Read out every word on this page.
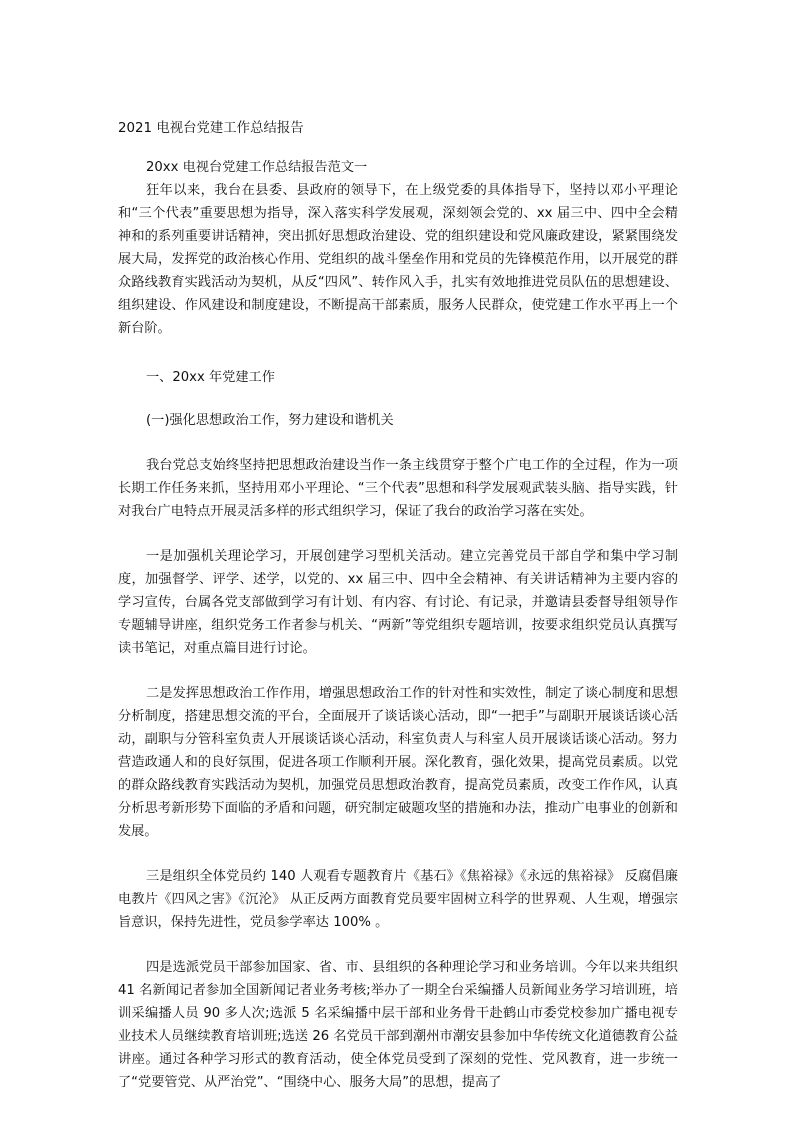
2021 电视台党建工作总结报告
20xx 电视台党建工作总结报告范文一

狂年以来，我台在县委、县政府的领导下，在上级党委的具体指导下，坚持以邓小平理论和“三个代表”重要思想为指导，深入落实科学发展观，深刻领会党的、xx 届三中、四中全会精神和的系列重要讲话精神，突出抓好思想政治建设、党的组织建设和党风廉政建设，紧紧围绕发展大局，发挥党的政治核心作用、党组织的战斗堡垒作用和党员的先锋模范作用，以开展党的群众路线教育实践活动为契机，从反“四风”、转作风入手，扎实有效地推进党员队伍的思想建设、组织建设、作风建设和制度建设，不断提高干部素质，服务人民群众，使党建工作水平再上一个新台阶。

一、20xx 年党建工作
(一)强化思想政治工作，努力建设和谐机关

我台党总支始终坚持把思想政治建设当作一条主线贯穿于整个广电工作的全过程，作为一项长期工作任务来抓，坚持用邓小平理论、“三个代表”思想和科学发展观武装头脑、指导实践，针对我台广电特点开展灵活多样的形式组织学习，保证了我台的政治学习落在实处。

一是加强机关理论学习，开展创建学习型机关活动。建立完善党员干部自学和集中学习制度，加强督学、评学、述学，以党的、xx 届三中、四中全会精神、有关讲话精神为主要内容的学习宣传，台属各党支部做到学习有计划、有内容、有讨论、有记录，并邀请县委督导组领导作专题辅导讲座，组织党务工作者参与机关、“两新”等党组织专题培训，按要求组织党员认真撰写读书笔记，对重点篇目进行讨论。

二是发挥思想政治工作作用，增强思想政治工作的针对性和实效性，制定了谈心制度和思想分析制度，搭建思想交流的平台，全面展开了谈话谈心活动，即“一把手”与副职开展谈话谈心活动，副职与分管科室负责人开展谈话谈心活动，科室负责人与科室人员开展谈话谈心活动。努力营造政通人和的良好氛围，促进各项工作顺利开展。深化教育，强化效果，提高党员素质。以党的群众路线教育实践活动为契机，加强党员思想政治教育，提高党员素质，改变工作作风，认真分析思考新形势下面临的矛盾和问题，研究制定破题攻坚的措施和办法，推动广电事业的创新和发展。

三是组织全体党员约 140 人观看专题教育片《基石》《焦裕禄》《永远的焦裕禄》 反腐倡廉电教片《四风之害》《沉沦》 从正反两方面教育党员要牢固树立科学的世界观、人生观，增强宗旨意识，保持先进性，党员参学率达 100% 。

四是选派党员干部参加国家、省、市、县组织的各种理论学习和业务培训。今年以来共组织 41 名新闻记者参加全国新闻记者业务考核;举办了一期全台采编播人员新闻业务学习培训班，培训采编播人员 90 多人次;选派 5 名采编播中层干部和业务骨干赴鹤山市委党校参加广播电视专业技术人员继续教育培训班;选送 26 名党员干部到潮州市潮安县参加中华传统文化道德教育公益讲座。通过各种学习形式的教育活动，使全体党员受到了深刻的党性、党风教育，进一步统一了“党要管党、从严治党”、“围绕中心、服务大局”的思想，提高了
